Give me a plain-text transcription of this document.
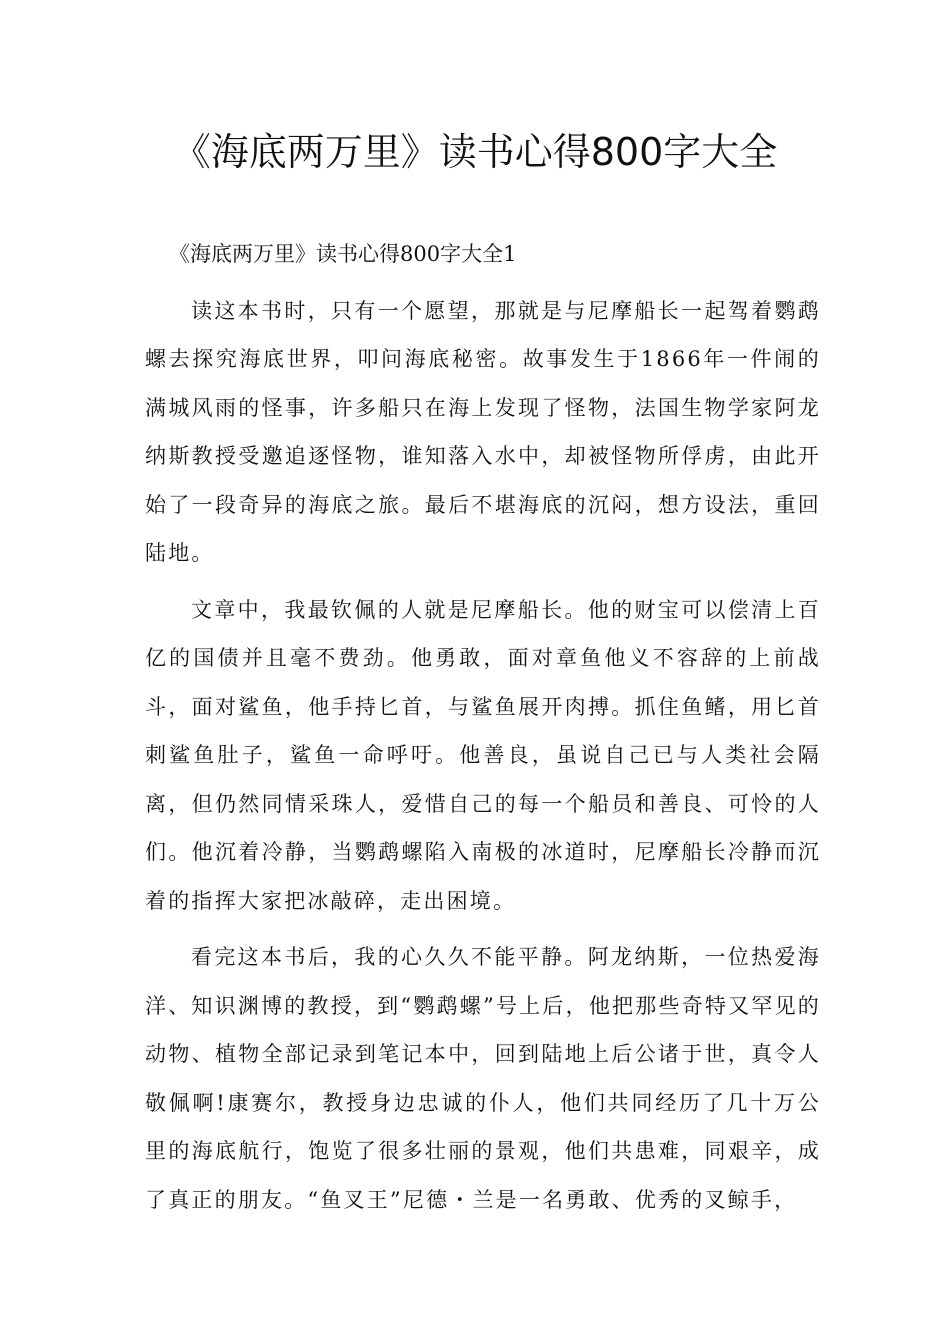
《海底两万里》读书心得800字大全

《海底两万里》读书心得800字大全1

读这本书时，只有一个愿望，那就是与尼摩船长一起驾着鹦鹉螺去探究海底世界，叩问海底秘密。故事发生于1866年一件闹的满城风雨的怪事，许多船只在海上发现了怪物，法国生物学家阿龙纳斯教授受邀追逐怪物，谁知落入水中，却被怪物所俘虏，由此开始了一段奇异的海底之旅。最后不堪海底的沉闷，想方设法，重回陆地。

文章中，我最钦佩的人就是尼摩船长。他的财宝可以偿清上百亿的国债并且毫不费劲。他勇敢，面对章鱼他义不容辞的上前战斗，面对鲨鱼，他手持匕首，与鲨鱼展开肉搏。抓住鱼鳍，用匕首刺鲨鱼肚子，鲨鱼一命呼吁。他善良，虽说自己已与人类社会隔离，但仍然同情采珠人，爱惜自己的每一个船员和善良、可怜的人们。他沉着冷静，当鹦鹉螺陷入南极的冰道时，尼摩船长冷静而沉着的指挥大家把冰敲碎，走出困境。

看完这本书后，我的心久久不能平静。阿龙纳斯，一位热爱海洋、知识渊博的教授，到“鹦鹉螺”号上后，他把那些奇特又罕见的动物、植物全部记录到笔记本中，回到陆地上后公诸于世，真令人敬佩啊!康赛尔，教授身边忠诚的仆人，他们共同经历了几十万公里的海底航行，饱览了很多壮丽的景观，他们共患难，同艰辛，成了真正的朋友。“鱼叉王”尼德・兰是一名勇敢、优秀的叉鲸手，
